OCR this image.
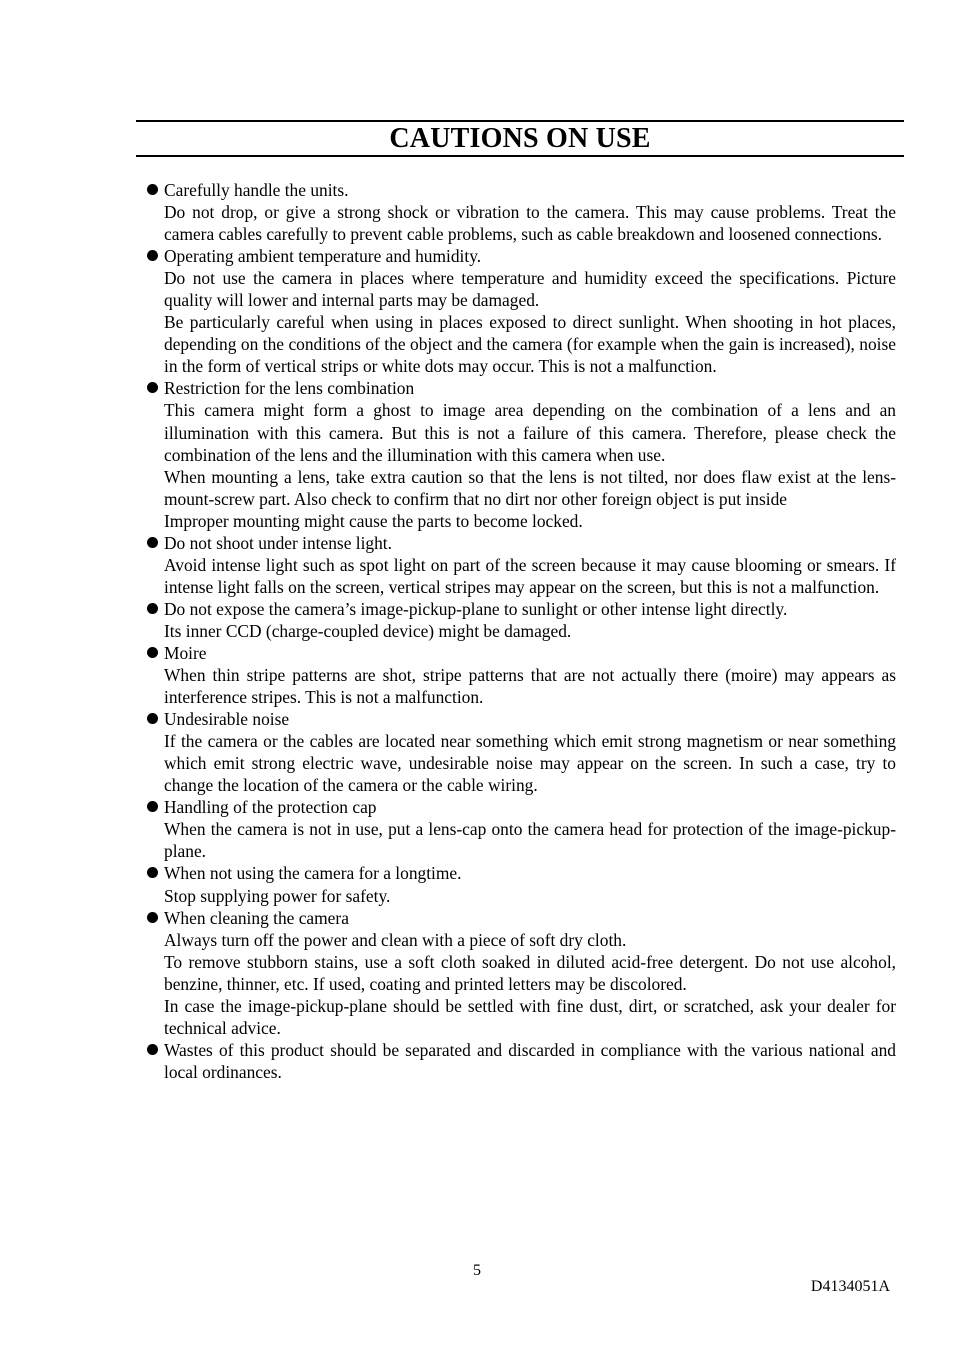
CAUTIONS ON USE
Carefully handle the units.
Do not drop, or give a strong shock or vibration to the camera. This may cause problems. Treat the camera cables carefully to prevent cable problems, such as cable breakdown and loosened connections.
Operating ambient temperature and humidity.
Do not use the camera in places where temperature and humidity exceed the specifications. Picture quality will lower and internal parts may be damaged.
Be particularly careful when using in places exposed to direct sunlight. When shooting in hot places, depending on the conditions of the object and the camera (for example when the gain is increased), noise in the form of vertical strips or white dots may occur. This is not a malfunction.
Restriction for the lens combination
This camera might form a ghost to image area depending on the combination of a lens and an illumination with this camera. But this is not a failure of this camera. Therefore, please check the combination of the lens and the illumination with this camera when use.
When mounting a lens, take extra caution so that the lens is not tilted, nor does flaw exist at the lens-mount-screw part. Also check to confirm that no dirt nor other foreign object is put inside
Improper mounting might cause the parts to become locked.
Do not shoot under intense light.
Avoid intense light such as spot light on part of the screen because it may cause blooming or smears. If intense light falls on the screen, vertical stripes may appear on the screen, but this is not a malfunction.
Do not expose the camera’s image-pickup-plane to sunlight or other intense light directly.
Its inner CCD (charge-coupled device) might be damaged.
Moire
When thin stripe patterns are shot, stripe patterns that are not actually there (moire) may appears as interference stripes. This is not a malfunction.
Undesirable noise
If the camera or the cables are located near something which emit strong magnetism or near something which emit strong electric wave, undesirable noise may appear on the screen. In such a case, try to change the location of the camera or the cable wiring.
Handling of the protection cap
When the camera is not in use, put a lens-cap onto the camera head for protection of the image-pickup-plane.
When not using the camera for a longtime.
Stop supplying power for safety.
When cleaning the camera
Always turn off the power and clean with a piece of soft dry cloth.
To remove stubborn stains, use a soft cloth soaked in diluted acid-free detergent. Do not use alcohol, benzine, thinner, etc. If used, coating and printed letters may be discolored.
In case the image-pickup-plane should be settled with fine dust, dirt, or scratched, ask your dealer for technical advice.
Wastes of this product should be separated and discarded in compliance with the various national and local ordinances.
5
D4134051A
